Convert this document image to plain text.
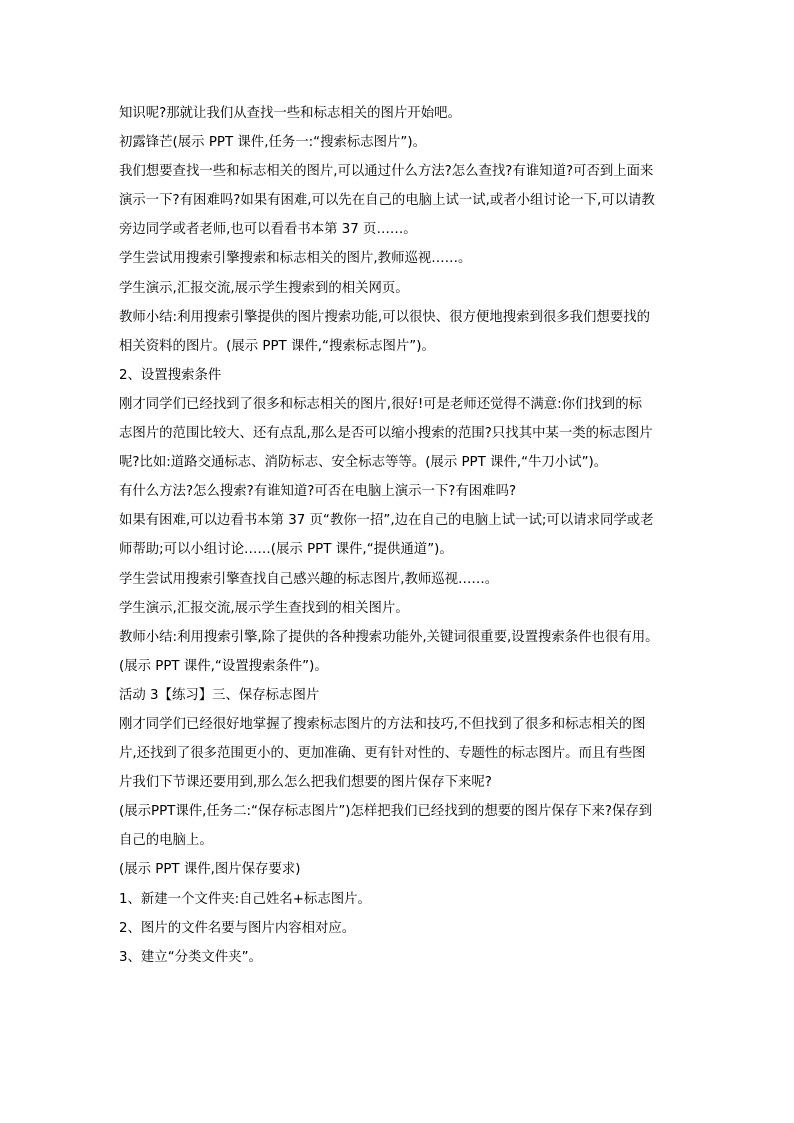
知识呢?那就让我们从查找一些和标志相关的图片开始吧。

初露锋芒(展示 PPT 课件,任务一:“搜索标志图片”)。

我们想要查找一些和标志相关的图片,可以通过什么方法?怎么查找?有谁知道?可否到上面来

演示一下?有困难吗?如果有困难,可以先在自己的电脑上试一试,或者小组讨论一下,可以请教

旁边同学或者老师,也可以看看书本第 37 页……。

学生尝试用搜索引擎搜索和标志相关的图片,教师巡视……。

学生演示,汇报交流,展示学生搜索到的相关网页。

教师小结:利用搜索引擎提供的图片搜索功能,可以很快、很方便地搜索到很多我们想要找的

相关资料的图片。(展示 PPT 课件,“搜索标志图片”)。

2、设置搜索条件

刚才同学们已经找到了很多和标志相关的图片,很好!可是老师还觉得不满意:你们找到的标

志图片的范围比较大、还有点乱,那么是否可以缩小搜索的范围?只找其中某一类的标志图片

呢?比如:道路交通标志、消防标志、安全标志等等。(展示 PPT 课件,“牛刀小试”)。

有什么方法?怎么搜索?有谁知道?可否在电脑上演示一下?有困难吗?

如果有困难,可以边看书本第 37 页“教你一招”,边在自己的电脑上试一试;可以请求同学或老

师帮助;可以小组讨论……(展示 PPT 课件,“提供通道”)。

学生尝试用搜索引擎查找自己感兴趣的标志图片,教师巡视……。

学生演示,汇报交流,展示学生查找到的相关图片。

教师小结:利用搜索引擎,除了提供的各种搜索功能外,关键词很重要,设置搜索条件也很有用。

(展示 PPT 课件,“设置搜索条件”)。

活动 3【练习】三、保存标志图片

刚才同学们已经很好地掌握了搜索标志图片的方法和技巧,不但找到了很多和标志相关的图

片,还找到了很多范围更小的、更加准确、更有针对性的、专题性的标志图片。而且有些图

片我们下节课还要用到,那么怎么把我们想要的图片保存下来呢?

(展示PPT课件,任务二:“保存标志图片”)怎样把我们已经找到的想要的图片保存下来?保存到

自己的电脑上。

(展示 PPT 课件,图片保存要求)

1、新建一个文件夹:自己姓名+标志图片。

2、图片的文件名要与图片内容相对应。

3、建立“分类文件夹”。
